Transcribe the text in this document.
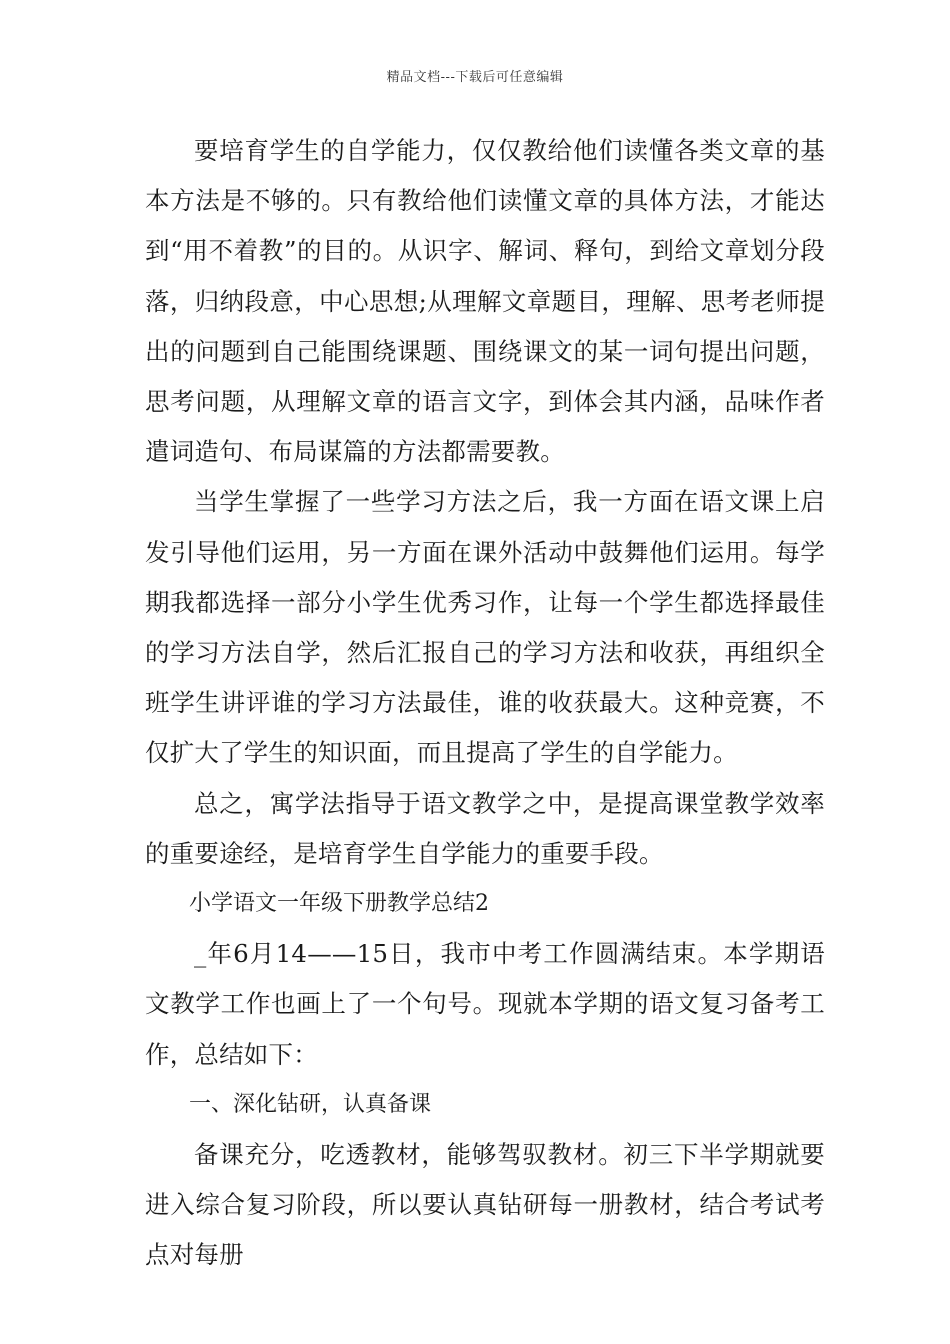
精品文档---下载后可任意编辑

要培育学生的自学能力，仅仅教给他们读懂各类文章的基本方法是不够的。只有教给他们读懂文章的具体方法，才能达到“用不着教”的目的。从识字、解词、释句，到给文章划分段落，归纳段意，中心思想;从理解文章题目，理解、思考老师提出的问题到自己能围绕课题、围绕课文的某一词句提出问题，思考问题，从理解文章的语言文字，到体会其内涵，品味作者遣词造句、布局谋篇的方法都需要教。

当学生掌握了一些学习方法之后，我一方面在语文课上启发引导他们运用，另一方面在课外活动中鼓舞他们运用。每学期我都选择一部分小学生优秀习作，让每一个学生都选择最佳的学习方法自学，然后汇报自己的学习方法和收获，再组织全班学生讲评谁的学习方法最佳，谁的收获最大。这种竞赛，不仅扩大了学生的知识面，而且提高了学生的自学能力。

总之，寓学法指导于语文教学之中，是提高课堂教学效率的重要途经，是培育学生自学能力的重要手段。

小学语文一年级下册教学总结2

_年6月14——15日，我市中考工作圆满结束。本学期语文教学工作也画上了一个句号。现就本学期的语文复习备考工作，总结如下：

一、深化钻研，认真备课

备课充分，吃透教材，能够驾驭教材。初三下半学期就要进入综合复习阶段，所以要认真钻研每一册教材，结合考试考点对每册
